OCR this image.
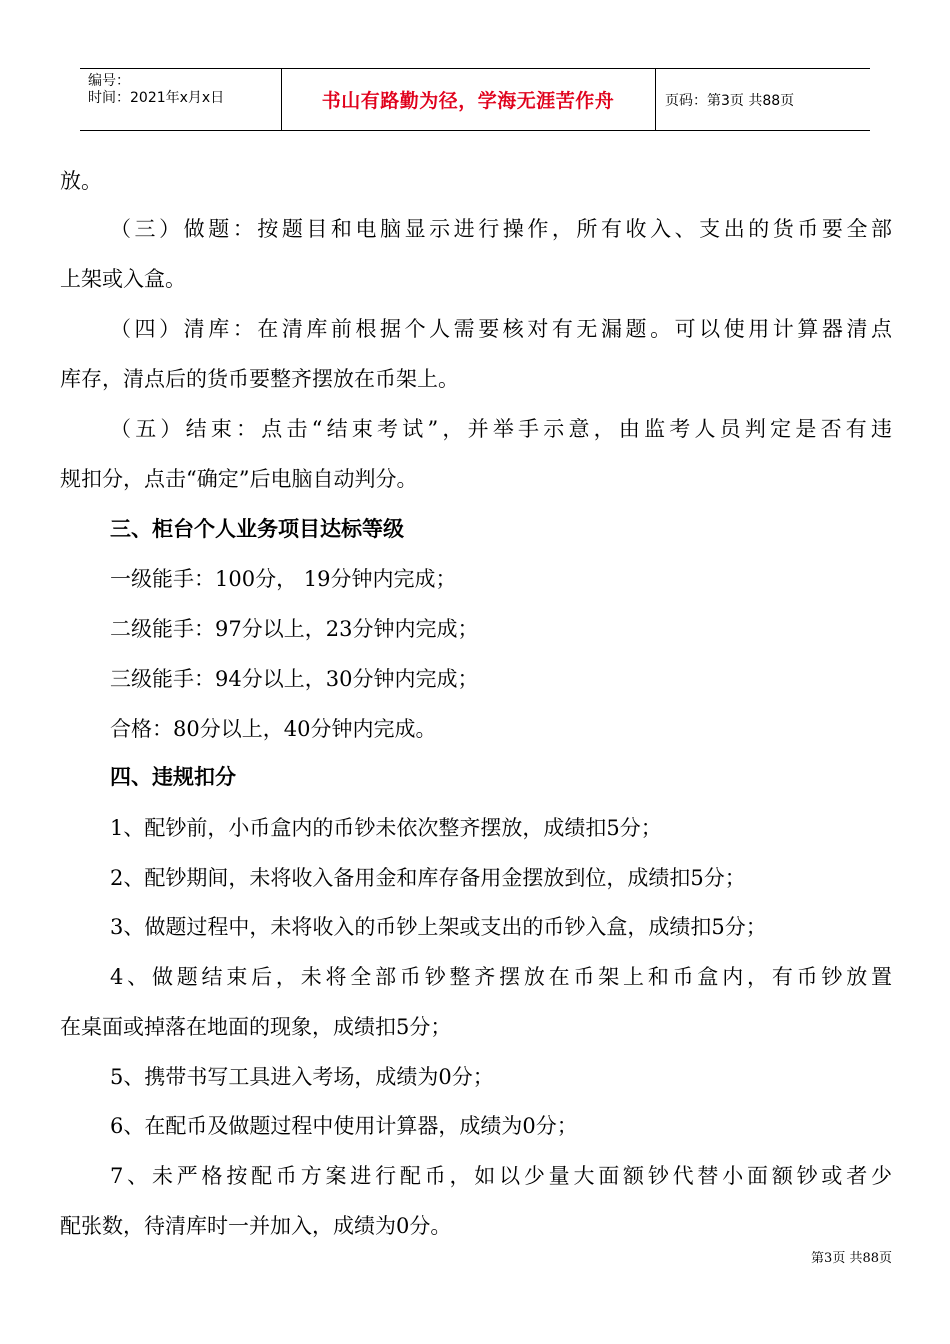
编号：
时间：2021年x月x日	书山有路勤为径，学海无涯苦作舟	页码：第3页 共88页
放。
（三）做题：按题目和电脑显示进行操作，所有收入、支出的货币要全部
上架或入盒。
（四）清库：在清库前根据个人需要核对有无漏题。可以使用计算器清点
库存，清点后的货币要整齐摆放在币架上。
（五）结束：点击“结束考试”，并举手示意，由监考人员判定是否有违
规扣分，点击“确定”后电脑自动判分。
三、柜台个人业务项目达标等级
一级能手：100分， 19分钟内完成；
二级能手：97分以上，23分钟内完成；
三级能手：94分以上，30分钟内完成；
合格：80分以上，40分钟内完成。
四、违规扣分
1、配钞前，小币盒内的币钞未依次整齐摆放，成绩扣5分；
2、配钞期间，未将收入备用金和库存备用金摆放到位，成绩扣5分；
3、做题过程中，未将收入的币钞上架或支出的币钞入盒，成绩扣5分；
4、做题结束后，未将全部币钞整齐摆放在币架上和币盒内，有币钞放置
在桌面或掉落在地面的现象，成绩扣5分；
5、携带书写工具进入考场，成绩为0分；
6、在配币及做题过程中使用计算器，成绩为0分；
7、未严格按配币方案进行配币，如以少量大面额钞代替小面额钞或者少
配张数，待清库时一并加入，成绩为0分。
第3页 共88页
